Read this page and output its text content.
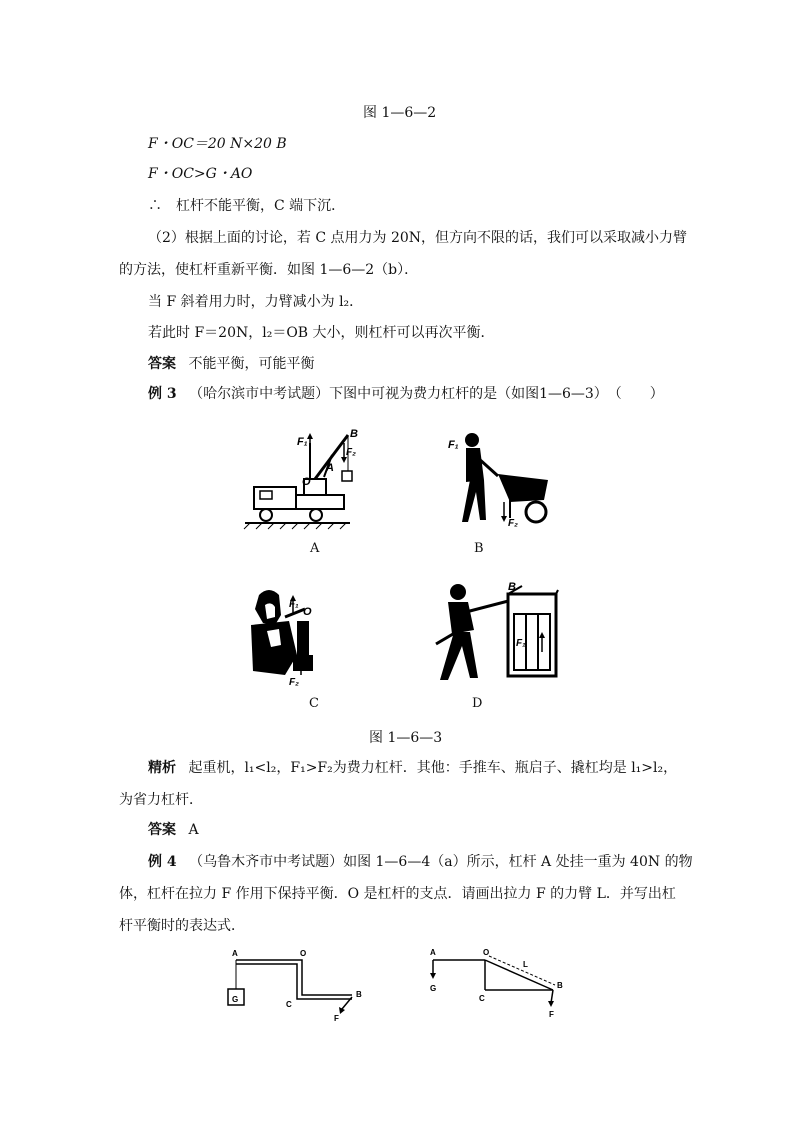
图 1—6—2
F・OC＝20 N×20 B
F・OC>G・AO
∴　杠杆不能平衡，C 端下沉．
（2）根据上面的讨论，若 C 点用力为 20N，但方向不限的话，我们可以采取减小力臂
的方法，使杠杆重新平衡．如图 1—6—2（b）．
当 F 斜着用力时，力臂减小为 l₂．
若此时 F＝20N，l₂＝OB 大小，则杠杆可以再次平衡．
答案 不能平衡，可能平衡
例 3 （哈尔滨市中考试题）下图中可视为费力杠杆的是（如图1—6—3）　（　　）
F₁
B
F₂
O
A
A
F₁
F₂
B
F₁
O
F₂
C
B
F₁
D
图 1—6—3
精析 起重机，l₁<l₂，F₁>F₂为费力杠杆．其他：手推车、瓶启子、撬杠均是 l₁>l₂，
为省力杠杆．
答案 A
例 4 （乌鲁木齐市中考试题）如图 1—6—4（a）所示，杠杆 A 处挂一重为 40N 的物
体，杠杆在拉力 F 作用下保持平衡．O 是杠杆的支点．请画出拉力 F 的力臂 L．并写出杠
杆平衡时的表达式．
A	O
C
B
F
G
A	O
L
B
G
C
F
